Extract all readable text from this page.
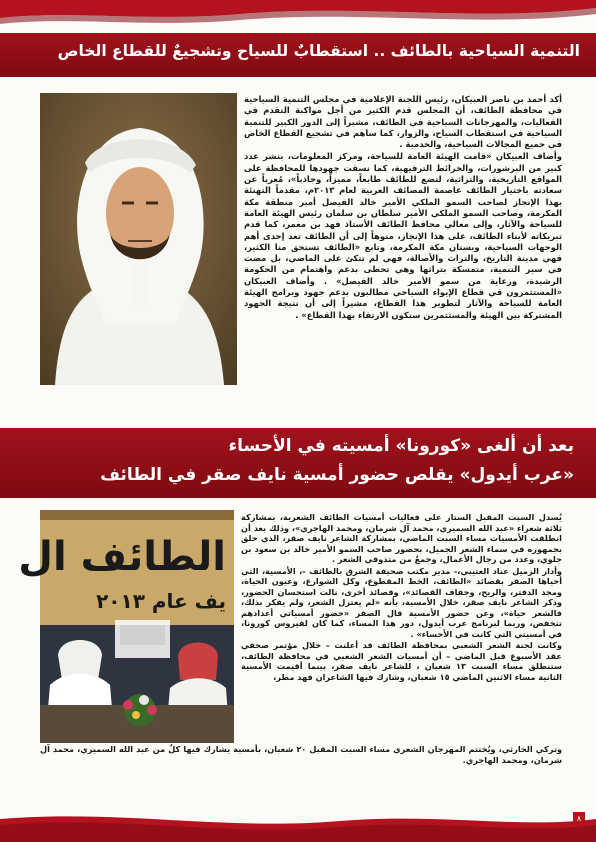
التنمية السياحية بالطائف .. استقطابٌ للسياح وتشجيعٌ للقطاع الخاص

أكد أحمد بن ناصر العبيكان، رئيس اللجنة الإعلامية في مجلس التنمية السياحية في محافظة الطائف، أن المجلس قدم الكثير من أجل مواكبة التقدم في الفعاليات، والمهرجانات السياحية في الطائف، مشيراً إلى الدور الكبير للتنمية السياحية في استقطاب السياح، والزوار، كما ساهم في تشجيع القطاع الخاص في جميع المجالات السياحية، والخدمية .

وأضاف العبيكان «قامت الهيئة العامة للسياحة، ومركز المعلومات، بنشر عدد كبير من البرشورات، والخرائط الترفيهية، كما نسقت جهودها للمحافظة على المواقع التاريخية، والتراثية، لتضع للطائف طابعاً، مميزاً، وجاذباً»، مُعرباً عن سعادته باختيار الطائف عاصمة المصائف العربية لعام ٢٠١٣م، مقدماً التهنئة بهذا الإنجاز لصاحب السمو الملكي الأمير خالد الفيصل أمير منطقة مكة المكرمة، وصاحب السمو الملكي الأمير سلطان بن سلمان رئيس الهيئة العامة للسياحة والآثار، وإلى معالي محافظ الطائف الأستاذ فهد بن معمر، كما قدم تبريكاته لأبناء الطائف، على هذا الإنجاز، منوهاً إلى أن الطائف تعد إحدى أهم الوجهات السياحية، وبستان مكة المكرمة، وتابع «الطائف تستحق منا الكثير، فهي مدينة التاريخ، والتراث والأصالة، فهي لم تتكئ على الماضي، بل مضت في سير التنمية، متمسكة بتراثها وهي تحظى بدعم واهتمام من الحكومة الرشيدة، ورعاية من سمو الأمير خالد الفيصل» . وأضاف العبيكان «المستثمرون في قطاع الإيواء السياحي مطالبون بدعم جهود وبرامج الهيئة العامة للسياحة والآثار لتطوير هذا القطاع، مشيراً إلى أن نتيجة الجهود المشتركة بين الهيئة والمستثمرين ستكون الارتقاء بهذا القطاع» .

بعد أن ألغى «كورونا» أمسيته في الأحساء
«عرب أيدول» يقلص حضور أمسية نايف صقر في الطائف
الطائف ال
يف عام ٢٠١٣

يُسدل السبت المقبل الستار على فعاليات أمسيات الطائف الشعرية، بمشاركة ثلاثة شعراء «عبد الله السميري، محمد آل شرمان، ومحمد الهاجري»، وذلك بعد أن انطلقت الأمسيات مساء السبت الماضي، بمشاركة الشاعر نايف صقر، الذي حلق بجمهوره في سماء الشعر الجميل، بحضور صاحب السمو الأمير خالد بن سعود بن جلوي، وعدد من رجال الأعمال، وجمعٌ من متذوقي الشعر .

وأدار الزميل عناد العتيبي،- مدير مكتب صحيفة الشرق بالطائف -، الأمسية، التي أحياها الصقر بقصائد «الطائف، الخط المقطوع، وكل الشوارع، وعيون الحياة، ومجد الدفتر، والريح، وجفاف القصائد»، وقصائد أخرى، نالت استحسان الحضور، وذكر الشاعر نايف صقر، خلال الأمسية، بأنه «لم يعتزل الشعر، ولم يفكر بذلك، فالشعر حياة»، وعن حضور الأمسية قال الصقر «حضور أمسياتي أعدادهم تنخفض، وربما لبرنامج عرب أيدول، دور هذا المساء، كما كان لفيروس كورونا، في أمسيتي التي كانت في الأحساء» .

وكانت لجنة الشعر الشعبي بمحافظة الطائف قد أعلنت – خلال مؤتمر صحفي عقد الأسبوع قبل الماضي – أن أمسيات الشعر الشعبي في محافظة الطائف، ستنطلق مساء السبت ١٣ شعبان ، للشاعر نايف صقر، بينما أقيمت الأمسية الثانية مساء الاثنين الماضي ١٥ شعبان، وشارك فيها الشاعران فهد مطر،

وتركي الحارثي، ويُختتم المهرجان الشعري مساء السبت المقبل ٢٠ شعبان، بأمسية يشارك فيها كلٌ من عبد الله السميري، محمد آل شرمان، ومحمد الهاجري.

٨
